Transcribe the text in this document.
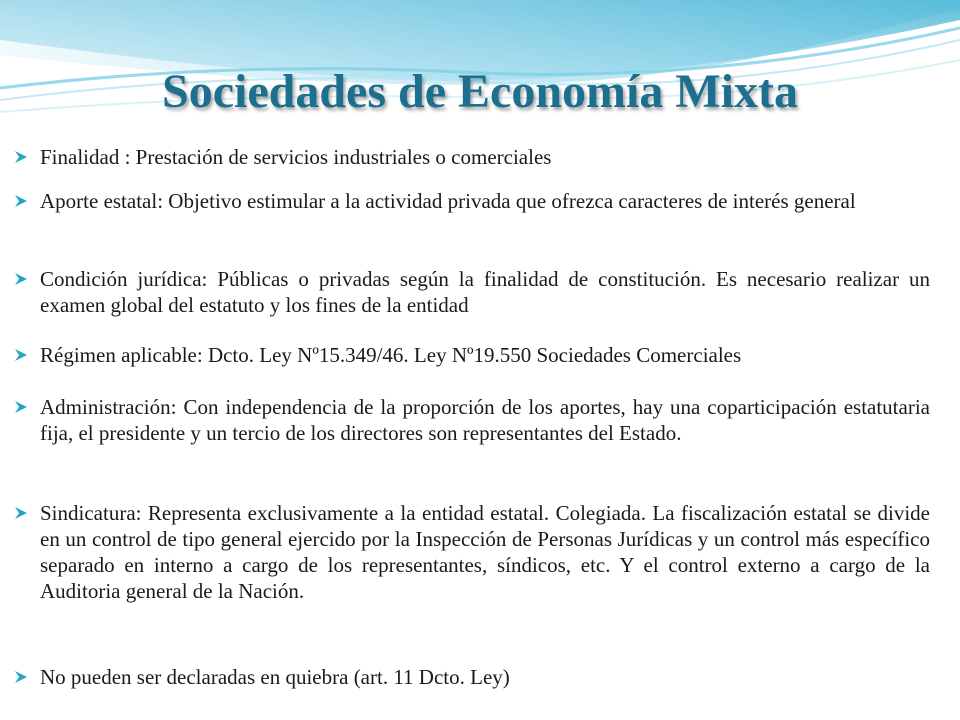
Sociedades de Economía Mixta
Finalidad : Prestación de servicios industriales o comerciales
Aporte estatal: Objetivo estimular a la actividad privada que ofrezca caracteres de interés general
Condición jurídica: Públicas o privadas según la finalidad de constitución. Es necesario realizar un examen global del estatuto y los fines de la entidad
Régimen aplicable: Dcto. Ley Nº15.349/46. Ley Nº19.550 Sociedades Comerciales
Administración: Con independencia de la proporción de los aportes, hay una coparticipación estatutaria fija, el presidente y un tercio de los directores son representantes del Estado.
Sindicatura: Representa exclusivamente a la entidad estatal. Colegiada. La fiscalización estatal se divide en un control de tipo general ejercido por la Inspección de Personas Jurídicas y un control más específico separado en interno a cargo de los representantes, síndicos, etc. Y el control externo a cargo de la Auditoria general de la Nación.
No pueden ser declaradas en quiebra (art. 11 Dcto. Ley)
